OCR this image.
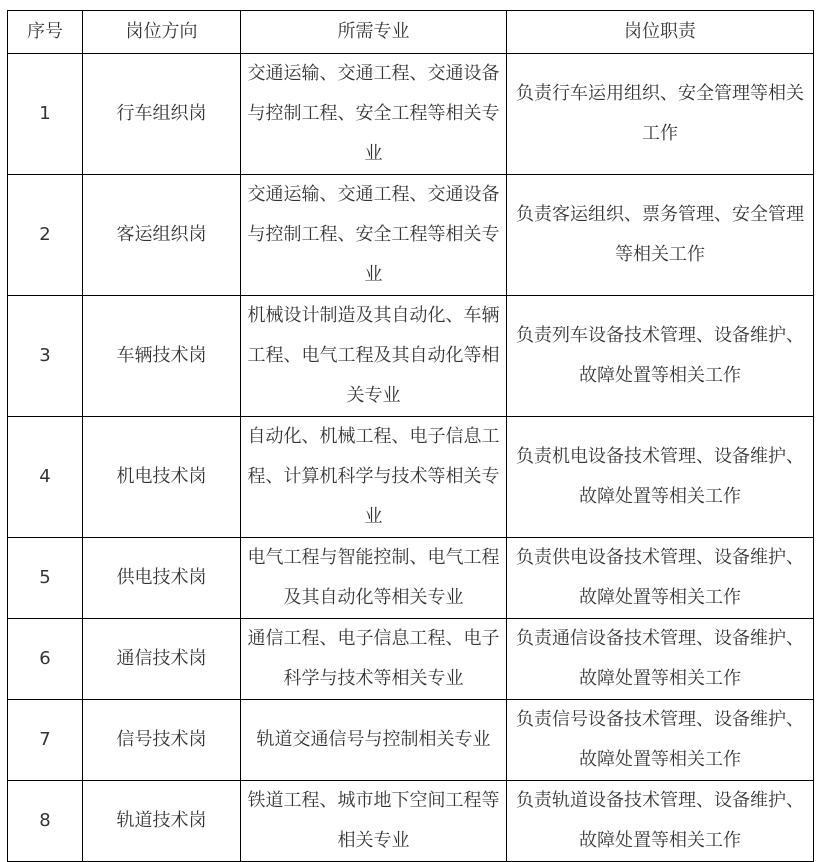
序号	岗位方向	所需专业	岗位职责
1	行车组织岗	交通运输、交通工程、交通设备与控制工程、安全工程等相关专业	负责行车运用组织、安全管理等相关工作
2	客运组织岗	交通运输、交通工程、交通设备与控制工程、安全工程等相关专业	负责客运组织、票务管理、安全管理等相关工作
3	车辆技术岗	机械设计制造及其自动化、车辆工程、电气工程及其自动化等相关专业	负责列车设备技术管理、设备维护、故障处置等相关工作
4	机电技术岗	自动化、机械工程、电子信息工程、计算机科学与技术等相关专业	负责机电设备技术管理、设备维护、故障处置等相关工作
5	供电技术岗	电气工程与智能控制、电气工程及其自动化等相关专业	负责供电设备技术管理、设备维护、故障处置等相关工作
6	通信技术岗	通信工程、电子信息工程、电子科学与技术等相关专业	负责通信设备技术管理、设备维护、故障处置等相关工作
7	信号技术岗	轨道交通信号与控制相关专业	负责信号设备技术管理、设备维护、故障处置等相关工作
8	轨道技术岗	铁道工程、城市地下空间工程等相关专业	负责轨道设备技术管理、设备维护、故障处置等相关工作
